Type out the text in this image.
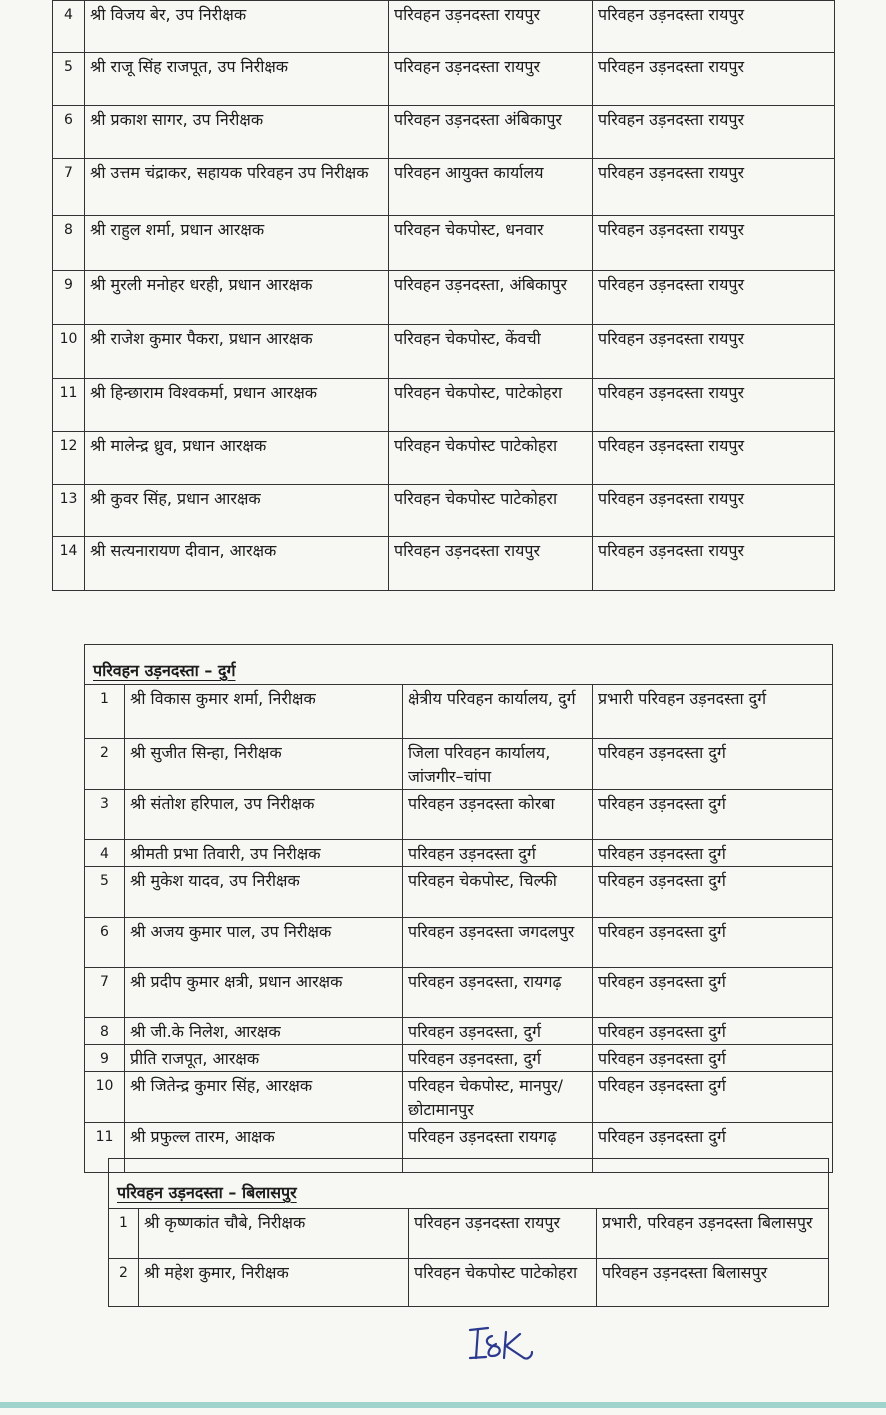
4	श्री विजय बेर, उप निरीक्षक	परिवहन उड़नदस्ता रायपुर	परिवहन उड़नदस्ता रायपुर
5	श्री राजू सिंह राजपूत, उप निरीक्षक	परिवहन उड़नदस्ता रायपुर	परिवहन उड़नदस्ता रायपुर
6	श्री प्रकाश सागर, उप निरीक्षक	परिवहन उड़नदस्ता अंबिकापुर	परिवहन उड़नदस्ता रायपुर
7	श्री उत्तम चंद्राकर, सहायक परिवहन उप निरीक्षक	परिवहन आयुक्त कार्यालय	परिवहन उड़नदस्ता रायपुर
8	श्री राहुल शर्मा, प्रधान आरक्षक	परिवहन चेकपोस्ट, धनवार	परिवहन उड़नदस्ता रायपुर
9	श्री मुरली मनोहर धरही, प्रधान आरक्षक	परिवहन उड़नदस्ता, अंबिकापुर	परिवहन उड़नदस्ता रायपुर
10	श्री राजेश कुमार पैकरा, प्रधान आरक्षक	परिवहन चेकपोस्ट, केंवची	परिवहन उड़नदस्ता रायपुर
11	श्री हिन्छाराम विश्वकर्मा, प्रधान आरक्षक	परिवहन चेकपोस्ट, पाटेकोहरा	परिवहन उड़नदस्ता रायपुर
12	श्री मालेन्द्र ध्रुव, प्रधान आरक्षक	परिवहन चेकपोस्ट पाटेकोहरा	परिवहन उड़नदस्ता रायपुर
13	श्री कुवर सिंह, प्रधान आरक्षक	परिवहन चेकपोस्ट पाटेकोहरा	परिवहन उड़नदस्ता रायपुर
14	श्री सत्यनारायण दीवान, आरक्षक	परिवहन उड़नदस्ता रायपुर	परिवहन उड़नदस्ता रायपुर
परिवहन उड़नदस्ता – दुर्ग			
1	श्री विकास कुमार शर्मा, निरीक्षक	क्षेत्रीय परिवहन कार्यालय, दुर्ग	प्रभारी परिवहन उड़नदस्ता दुर्ग
2	श्री सुजीत सिन्हा, निरीक्षक	जिला परिवहन कार्यालय, जांजगीर–चांपा	परिवहन उड़नदस्ता दुर्ग
3	श्री संतोश हरिपाल, उप निरीक्षक	परिवहन उड़नदस्ता कोरबा	परिवहन उड़नदस्ता दुर्ग
4	श्रीमती प्रभा तिवारी, उप निरीक्षक	परिवहन उड़नदस्ता दुर्ग	परिवहन उड़नदस्ता दुर्ग
5	श्री मुकेश यादव, उप निरीक्षक	परिवहन चेकपोस्ट, चिल्फी	परिवहन उड़नदस्ता दुर्ग
6	श्री अजय कुमार पाल, उप निरीक्षक	परिवहन उड़नदस्ता जगदलपुर	परिवहन उड़नदस्ता दुर्ग
7	श्री प्रदीप कुमार क्षत्री, प्रधान आरक्षक	परिवहन उड़नदस्ता, रायगढ़	परिवहन उड़नदस्ता दुर्ग
8	श्री जी.के निलेश, आरक्षक	परिवहन उड़नदस्ता, दुर्ग	परिवहन उड़नदस्ता दुर्ग
9	प्रीति राजपूत, आरक्षक	परिवहन उड़नदस्ता, दुर्ग	परिवहन उड़नदस्ता दुर्ग
10	श्री जितेन्द्र कुमार सिंह, आरक्षक	परिवहन चेकपोस्ट, मानपुर/छोटामानपुर	परिवहन उड़नदस्ता दुर्ग
11	श्री प्रफुल्ल तारम, आक्षक	परिवहन उड़नदस्ता रायगढ़	परिवहन उड़नदस्ता दुर्ग
परिवहन उड़नदस्ता – बिलासपुर			
1	श्री कृष्णकांत चौबे, निरीक्षक	परिवहन उड़नदस्ता रायपुर	प्रभारी, परिवहन उड़नदस्ता बिलासपुर
2	श्री महेश कुमार, निरीक्षक	परिवहन चेकपोस्ट पाटेकोहरा	परिवहन उड़नदस्ता बिलासपुर
